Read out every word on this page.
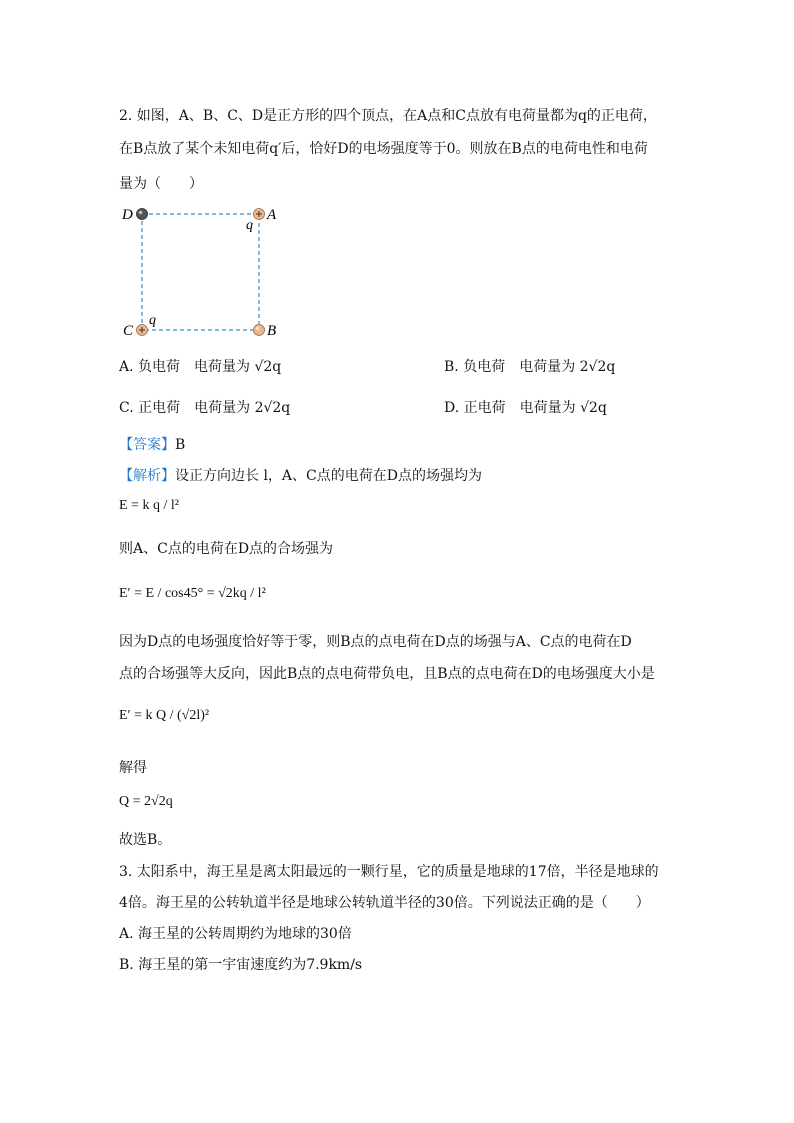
2. 如图，A、B、C、D是正方形的四个顶点，在A点和C点放有电荷量都为q的正电荷，
在B点放了某个未知电荷q′后，恰好D的电场强度等于0。则放在B点的电荷电性和电荷
量为（　　）
D	A
q
B
C
q
A. 负电荷　电荷量为 √2q	B. 负电荷　电荷量为 2√2q
C. 正电荷　电荷量为 2√2q	D. 正电荷　电荷量为 √2q
【答案】B
【解析】设正方向边长 l，A、C点的电荷在D点的场强均为
E = k q / l²
则A、C点的电荷在D点的合场强为
E′ = E / cos45° = √2kq / l²
因为D点的电场强度恰好等于零，则B点的点电荷在D点的场强与A、C点的电荷在D
点的合场强等大反向，因此B点的点电荷带负电，且B点的点电荷在D的电场强度大小是
E′ = k Q / (√2l)²
解得
Q = 2√2q
故选B。
3. 太阳系中，海王星是离太阳最远的一颗行星，它的质量是地球的17倍，半径是地球的
4倍。海王星的公转轨道半径是地球公转轨道半径的30倍。下列说法正确的是（　　）
A. 海王星的公转周期约为地球的30倍
B. 海王星的第一宇宙速度约为7.9km/s
